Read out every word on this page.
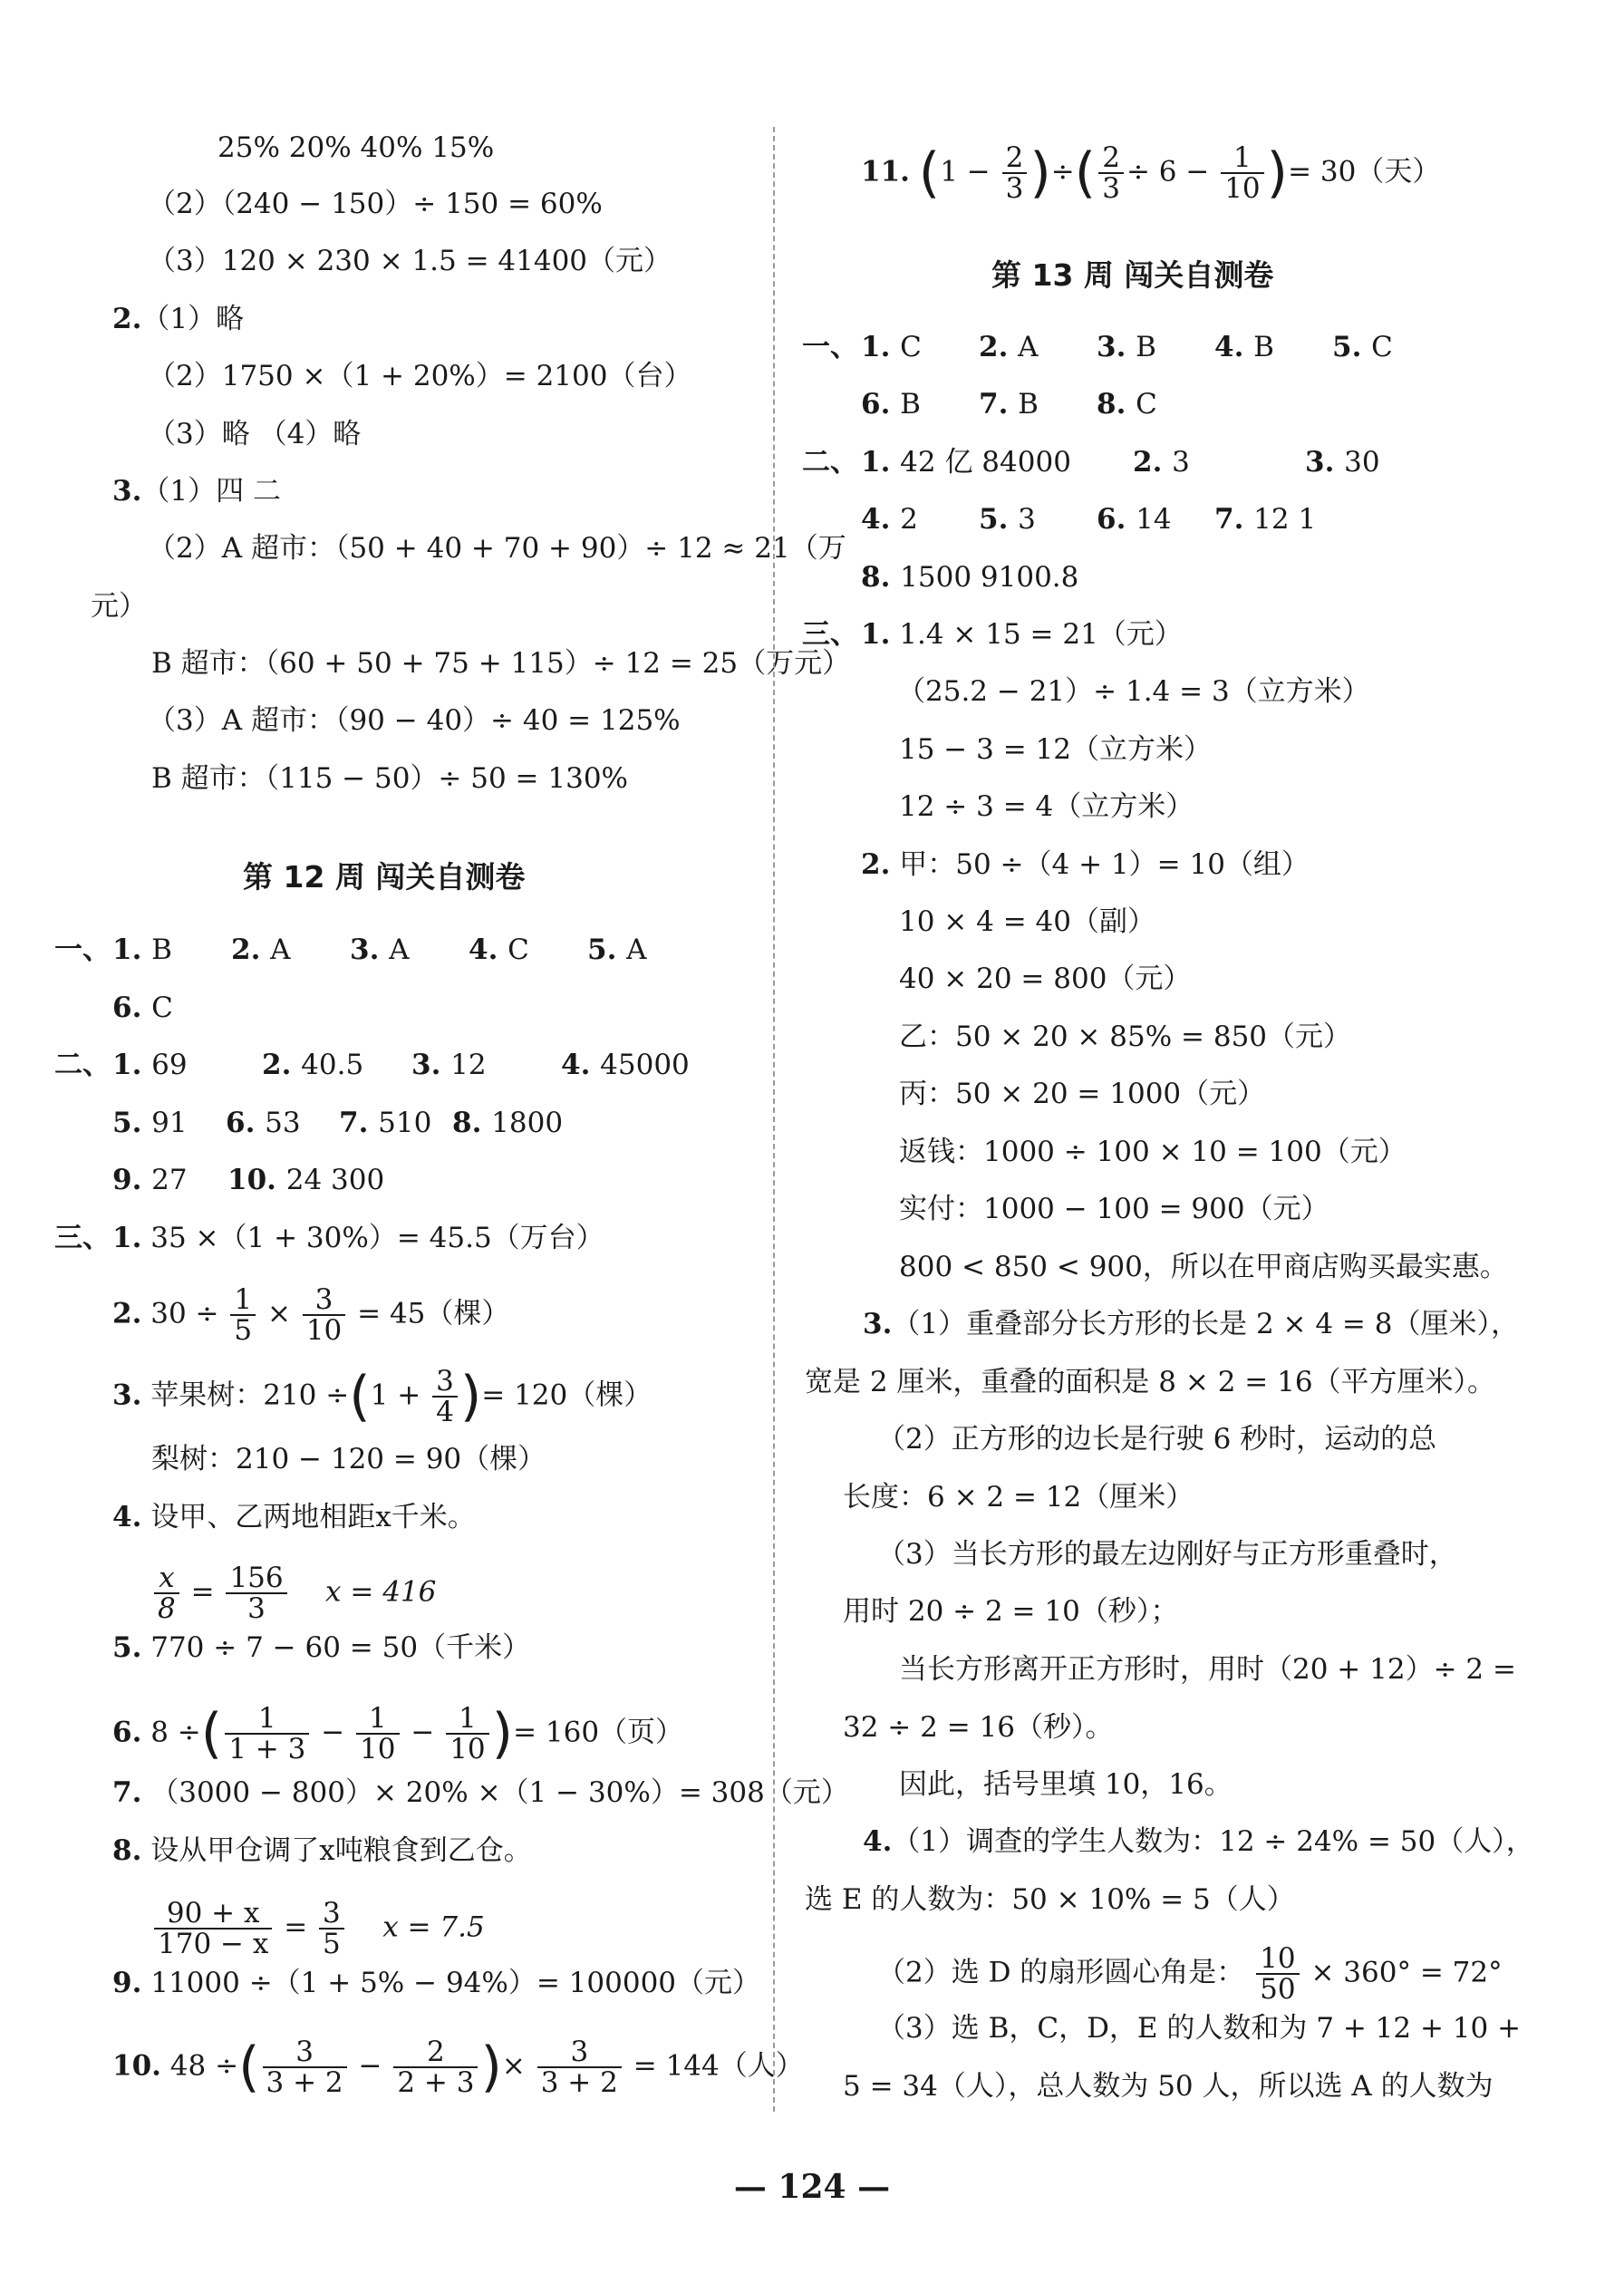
25% 20% 40% 15%
（2）（240 − 150）÷ 150 = 60%
（3）120 × 230 × 1.5 = 41400（元）
2.（1）略
（2）1750 ×（1 + 20%）= 2100（台）
（3）略 （4）略
3.（1）四 二
（2）A 超市：（50 + 40 + 70 + 90）÷ 12 ≈ 21（万
元）
B 超市：（60 + 50 + 75 + 115）÷ 12 = 25（万元）
（3）A 超市：（90 − 40）÷ 40 = 125%
B 超市：（115 − 50）÷ 50 = 130%
第 12 周 闯关自测卷
一、 1. B 2. A 3. A 4. C 5. A
6. C
二、 1. 69	2. 40.5 3. 12	4. 45000
5. 91 6. 53 7. 510 8. 1800
9. 27 10. 24 300
三、 1. 35 ×（1 + 30%）= 45.5（万台）
2. $30 \div \frac{1}{5} \times \frac{3}{10} = 45$（棵）
3. 苹果树：$210 \div(1 + \frac{3}{4}$ )= 120（棵）
梨树：210 − 120 = 90（棵）
4. 设甲、乙两地相距x千米。
$\frac{x}{8} = \frac{156}{3}$ x = 416
5. 770 ÷ 7 − 60 = 50（千米）
6. 8 ÷( $\frac{1}{1 + 3} - \frac{1}{10} - \frac{1}{10}$ )= 160（页）
7. （3000 − 800）× 20% ×（1 − 30%）= 308（元）
8. 设从甲仓调了x吨粮食到乙仓。
$\frac{90 + x}{170 - x} = \frac{3}{5}$ x = 7.5
9. 11000 ÷（1 + 5% − 94%）= 100000（元）
10. 48 ÷( $\frac{3}{3 + 2} - \frac{2}{2 + 3}$ )× $\frac{3}{3 + 2} = 144$（人）
11. ($1 - \frac{2}{3}$ )÷( $\frac{2}{3} \div 6 - \frac{1}{10}$ )= 30（天）
第 13 周 闯关自测卷
一、 1. C 2. A 3. B 4. B 5. C
6. B 7. B 8. C
二、 1. 42 亿 84000 2. 3	3. 30
4. 2 5. 3 6. 14 7. 12 1
8. 1500 9100.8
三、 1. 1.4 × 15 = 21（元）
（25.2 − 21）÷ 1.4 = 3（立方米）
15 − 3 = 12（立方米）
12 ÷ 3 = 4（立方米）
2. 甲：50 ÷（4 + 1）= 10（组）
10 × 4 = 40（副）
40 × 20 = 800（元）
乙：50 × 20 × 85% = 850（元）
丙：50 × 20 = 1000（元）
返钱：1000 ÷ 100 × 10 = 100（元）
实付：1000 − 100 = 900（元）
800 < 850 < 900，所以在甲商店购买最实惠。
3.（1）重叠部分长方形的长是 2 × 4 = 8（厘米），
宽是 2 厘米，重叠的面积是 8 × 2 = 16（平方厘米）。
（2）正方形的边长是行驶 6 秒时，运动的总
长度：6 × 2 = 12（厘米）
（3）当长方形的最左边刚好与正方形重叠时，
用时 20 ÷ 2 = 10（秒）；
当长方形离开正方形时，用时（20 + 12）÷ 2 =
32 ÷ 2 = 16（秒）。
因此，括号里填 10，16。
4.（1）调查的学生人数为：12 ÷ 24% = 50（人），
选 E 的人数为：50 × 10% = 5（人）
（2）选 D 的扇形圆心角是： $\frac{10}{50} \times 360^\circ = 72^\circ$
（3）选 B，C，D，E 的人数和为 7 + 12 + 10 +
5 = 34（人），总人数为 50 人，所以选 A 的人数为
— 124 —
